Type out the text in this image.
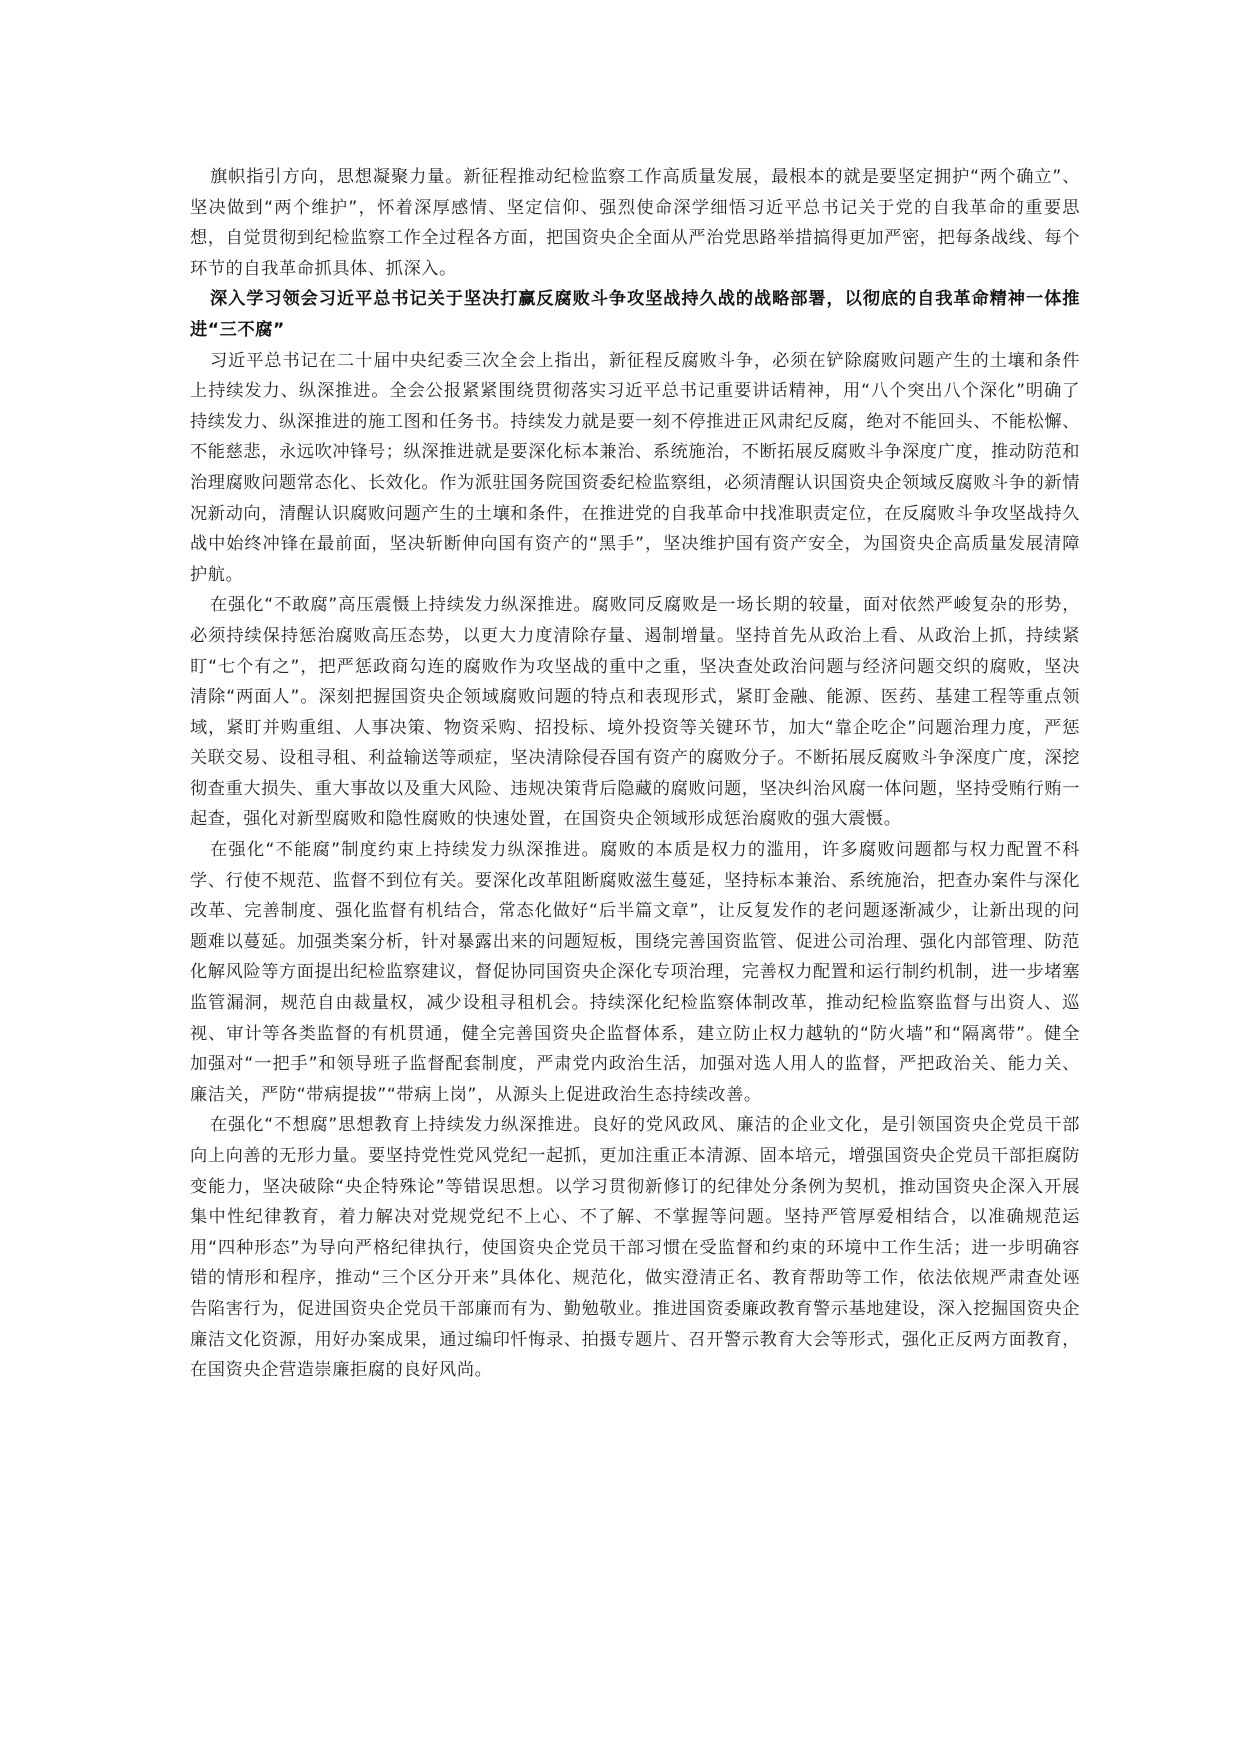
旗帜指引方向，思想凝聚力量。新征程推动纪检监察工作高质量发展，最根本的就是要坚定拥护“两个确立”、坚决做到“两个维护”，怀着深厚感情、坚定信仰、强烈使命深学细悟习近平总书记关于党的自我革命的重要思想，自觉贯彻到纪检监察工作全过程各方面，把国资央企全面从严治党思路举措搞得更加严密，把每条战线、每个环节的自我革命抓具体、抓深入。

深入学习领会习近平总书记关于坚决打赢反腐败斗争攻坚战持久战的战略部署，以彻底的自我革命精神一体推进“三不腐”

习近平总书记在二十届中央纪委三次全会上指出，新征程反腐败斗争，必须在铲除腐败问题产生的土壤和条件上持续发力、纵深推进。全会公报紧紧围绕贯彻落实习近平总书记重要讲话精神，用“八个突出八个深化”明确了持续发力、纵深推进的施工图和任务书。持续发力就是要一刻不停推进正风肃纪反腐，绝对不能回头、不能松懈、不能慈悲，永远吹冲锋号；纵深推进就是要深化标本兼治、系统施治，不断拓展反腐败斗争深度广度，推动防范和治理腐败问题常态化、长效化。作为派驻国务院国资委纪检监察组，必须清醒认识国资央企领域反腐败斗争的新情况新动向，清醒认识腐败问题产生的土壤和条件，在推进党的自我革命中找准职责定位，在反腐败斗争攻坚战持久战中始终冲锋在最前面，坚决斩断伸向国有资产的“黑手”，坚决维护国有资产安全，为国资央企高质量发展清障护航。

在强化“不敢腐”高压震慑上持续发力纵深推进。腐败同反腐败是一场长期的较量，面对依然严峻复杂的形势，必须持续保持惩治腐败高压态势，以更大力度清除存量、遏制增量。坚持首先从政治上看、从政治上抓，持续紧盯“七个有之”，把严惩政商勾连的腐败作为攻坚战的重中之重，坚决查处政治问题与经济问题交织的腐败，坚决清除“两面人”。深刻把握国资央企领域腐败问题的特点和表现形式，紧盯金融、能源、医药、基建工程等重点领域，紧盯并购重组、人事决策、物资采购、招投标、境外投资等关键环节，加大“靠企吃企”问题治理力度，严惩关联交易、设租寻租、利益输送等顽症，坚决清除侵吞国有资产的腐败分子。不断拓展反腐败斗争深度广度，深挖彻查重大损失、重大事故以及重大风险、违规决策背后隐藏的腐败问题，坚决纠治风腐一体问题，坚持受贿行贿一起查，强化对新型腐败和隐性腐败的快速处置，在国资央企领域形成惩治腐败的强大震慑。

在强化“不能腐”制度约束上持续发力纵深推进。腐败的本质是权力的滥用，许多腐败问题都与权力配置不科学、行使不规范、监督不到位有关。要深化改革阻断腐败滋生蔓延，坚持标本兼治、系统施治，把查办案件与深化改革、完善制度、强化监督有机结合，常态化做好“后半篇文章”，让反复发作的老问题逐渐减少，让新出现的问题难以蔓延。加强类案分析，针对暴露出来的问题短板，围绕完善国资监管、促进公司治理、强化内部管理、防范化解风险等方面提出纪检监察建议，督促协同国资央企深化专项治理，完善权力配置和运行制约机制，进一步堵塞监管漏洞，规范自由裁量权，减少设租寻租机会。持续深化纪检监察体制改革，推动纪检监察监督与出资人、巡视、审计等各类监督的有机贯通，健全完善国资央企监督体系，建立防止权力越轨的“防火墙”和“隔离带”。健全加强对“一把手”和领导班子监督配套制度，严肃党内政治生活，加强对选人用人的监督，严把政治关、能力关、廉洁关，严防“带病提拔”“带病上岗”，从源头上促进政治生态持续改善。

在强化“不想腐”思想教育上持续发力纵深推进。良好的党风政风、廉洁的企业文化，是引领国资央企党员干部向上向善的无形力量。要坚持党性党风党纪一起抓，更加注重正本清源、固本培元，增强国资央企党员干部拒腐防变能力，坚决破除“央企特殊论”等错误思想。以学习贯彻新修订的纪律处分条例为契机，推动国资央企深入开展集中性纪律教育，着力解决对党规党纪不上心、不了解、不掌握等问题。坚持严管厚爱相结合，以准确规范运用“四种形态”为导向严格纪律执行，使国资央企党员干部习惯在受监督和约束的环境中工作生活；进一步明确容错的情形和程序，推动“三个区分开来”具体化、规范化，做实澄清正名、教育帮助等工作，依法依规严肃查处诬告陷害行为，促进国资央企党员干部廉而有为、勤勉敬业。推进国资委廉政教育警示基地建设，深入挖掘国资央企廉洁文化资源，用好办案成果，通过编印忏悔录、拍摄专题片、召开警示教育大会等形式，强化正反两方面教育，在国资央企营造崇廉拒腐的良好风尚。
